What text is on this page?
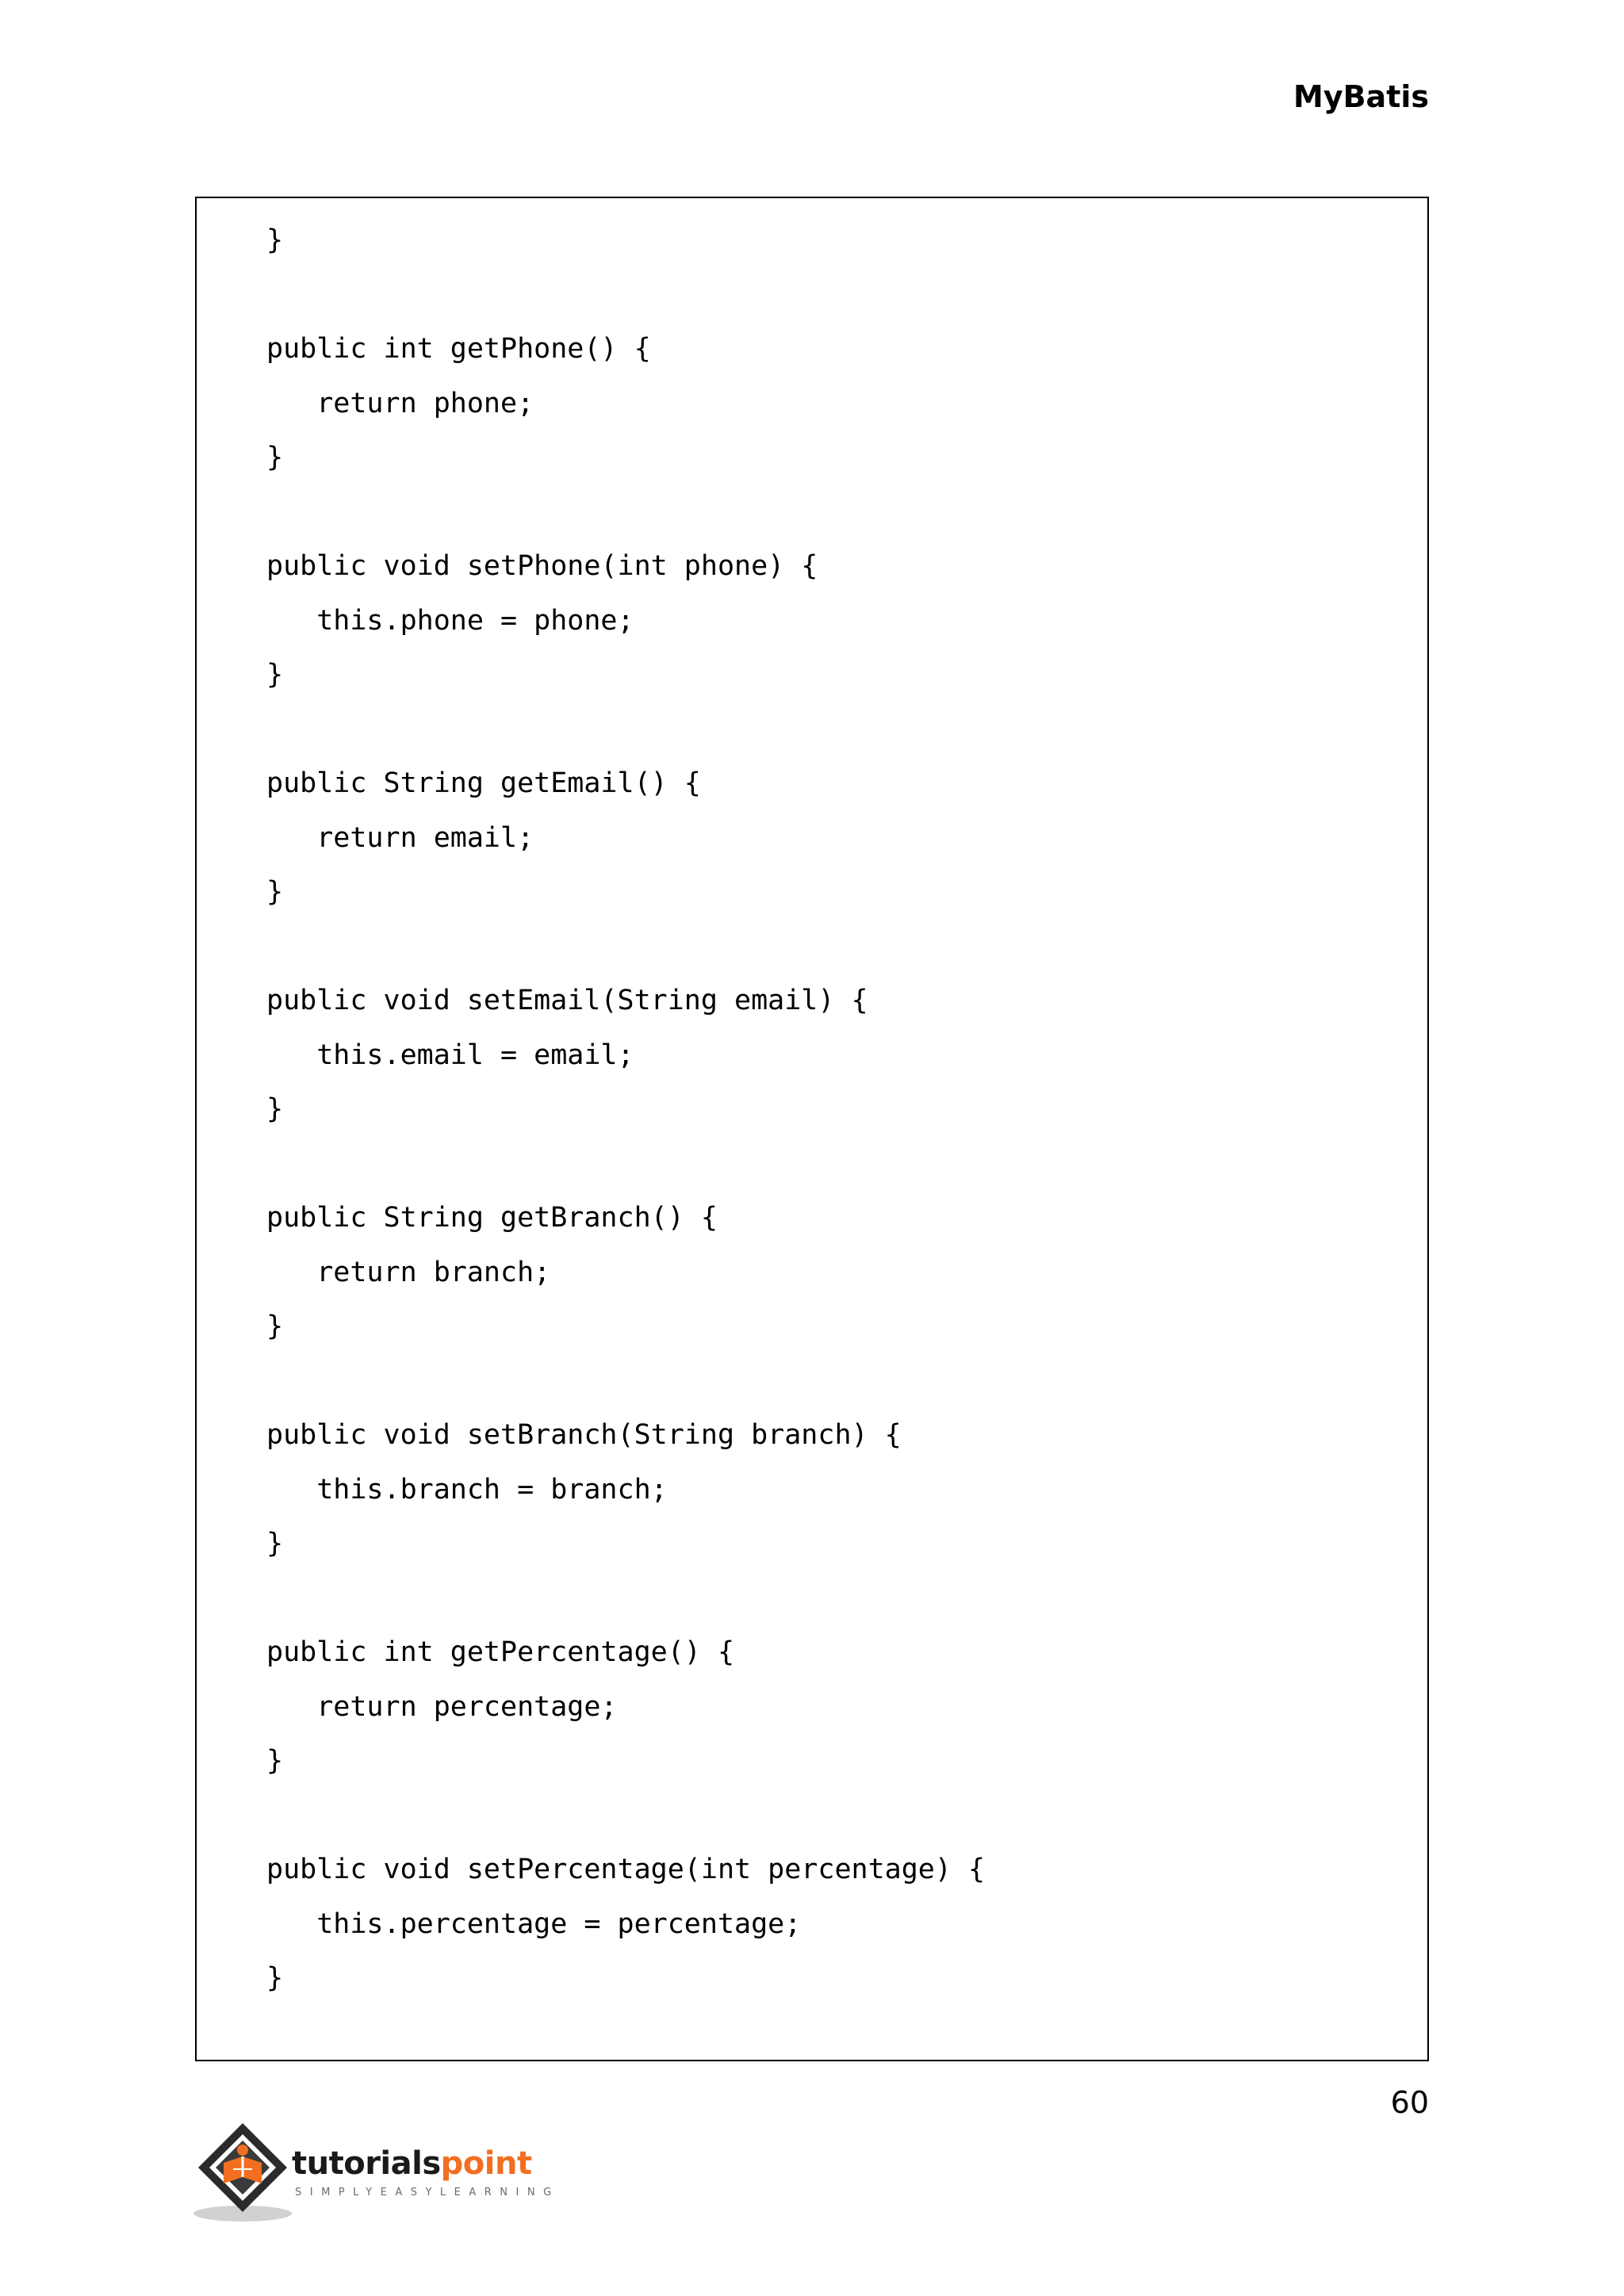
MyBatis
}
public int getPhone() {
return phone;
}
public void setPhone(int phone) {
this.phone = phone;
}
public String getEmail() {
return email;
}
public void setEmail(String email) {
this.email = email;
}
public String getBranch() {
return branch;
}
public void setBranch(String branch) {
this.branch = branch;
}
public int getPercentage() {
return percentage;
}
public void setPercentage(int percentage) {
this.percentage = percentage;
}
60
tutorialspoint
SIMPLYEASYLEARNING
